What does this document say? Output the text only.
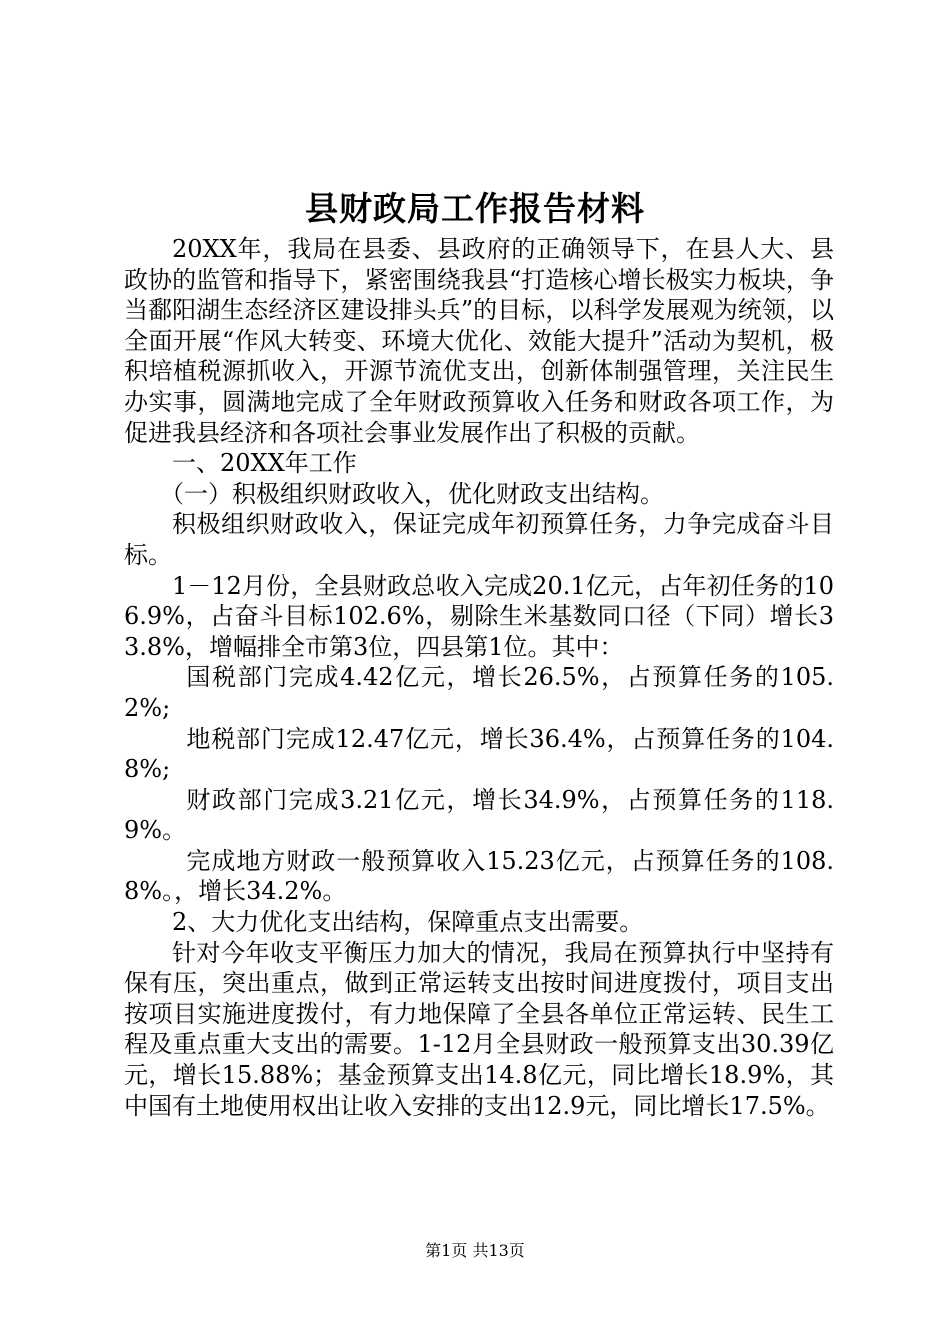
县财政局工作报告材料

20XX年，我局在县委、县政府的正确领导下，在县人大、县政协的监管和指导下，紧密围绕我县“打造核心增长极实力板块，争当鄱阳湖生态经济区建设排头兵”的目标，以科学发展观为统领，以全面开展“作风大转变、环境大优化、效能大提升”活动为契机，极积培植税源抓收入，开源节流优支出，创新体制强管理，关注民生办实事，圆满地完成了全年财政预算收入任务和财政各项工作，为促进我县经济和各项社会事业发展作出了积极的贡献。

一、20XX年工作

（一）积极组织财政收入，优化财政支出结构。

积极组织财政收入，保证完成年初预算任务，力争完成奋斗目标。

1－12月份，全县财政总收入完成20.1亿元，占年初任务的106.9%，占奋斗目标102.6%，剔除生米基数同口径（下同）增长33.8%，增幅排全市第3位，四县第1位。其中：

国税部门完成4.42亿元，增长26.5%，占预算任务的105.2%;

地税部门完成12.47亿元，增长36.4%，占预算任务的104.8%;

财政部门完成3.21亿元，增长34.9%，占预算任务的118.9%。

完成地方财政一般预算收入15.23亿元，占预算任务的108.8%。，增长34.2%。

2、大力优化支出结构，保障重点支出需要。

针对今年收支平衡压力加大的情况，我局在预算执行中坚持有保有压，突出重点，做到正常运转支出按时间进度拨付，项目支出按项目实施进度拨付，有力地保障了全县各单位正常运转、民生工程及重点重大支出的需要。1-12月全县财政一般预算支出30.39亿元，增长15.88%；基金预算支出14.8亿元，同比增长18.9%，其中国有土地使用权出让收入安排的支出12.9元，同比增长17.5%。

第1页 共13页
